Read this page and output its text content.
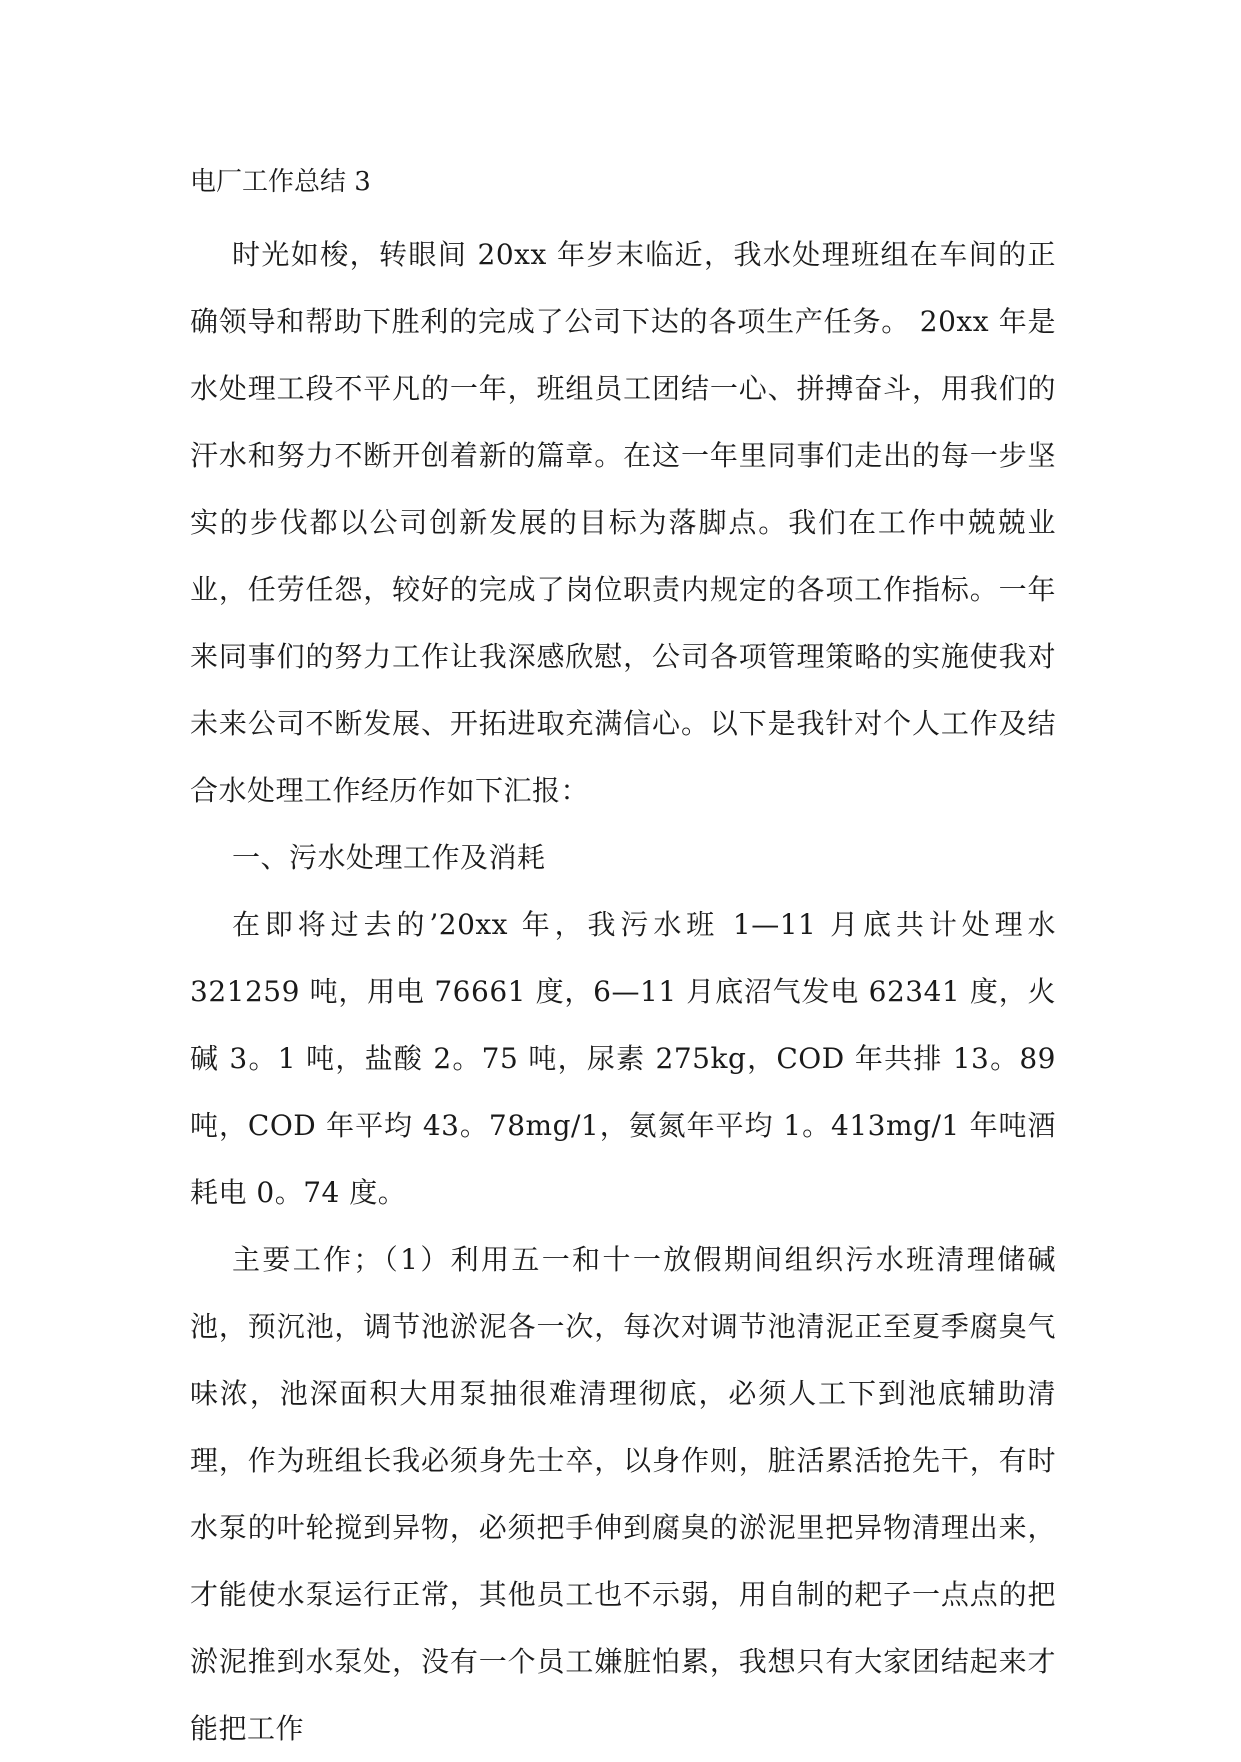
电厂工作总结 3

时光如梭，转眼间 20xx 年岁末临近，我水处理班组在车间的正确领导和帮助下胜利的完成了公司下达的各项生产任务。 20xx 年是水处理工段不平凡的一年，班组员工团结一心、拼搏奋斗，用我们的汗水和努力不断开创着新的篇章。在这一年里同事们走出的每一步坚实的步伐都以公司创新发展的目标为落脚点。我们在工作中兢兢业业，任劳任怨，较好的完成了岗位职责内规定的各项工作指标。一年来同事们的努力工作让我深感欣慰，公司各项管理策略的实施使我对未来公司不断发展、开拓进取充满信心。以下是我针对个人工作及结合水处理工作经历作如下汇报：

一、污水处理工作及消耗

在即将过去的’20xx 年，我污水班 1—11 月底共计处理水 321259 吨，用电 76661 度，6—11 月底沼气发电 62341 度，火碱 3。1 吨，盐酸 2。75 吨，尿素 275kg，COD 年共排 13。89 吨，COD 年平均 43。78mg/1，氨氮年平均 1。413mg/1 年吨酒耗电 0。74 度。

主要工作；（1）利用五一和十一放假期间组织污水班清理储碱池，预沉池，调节池淤泥各一次，每次对调节池清泥正至夏季腐臭气味浓，池深面积大用泵抽很难清理彻底，必须人工下到池底辅助清理，作为班组长我必须身先士卒，以身作则，脏活累活抢先干，有时水泵的叶轮搅到异物，必须把手伸到腐臭的淤泥里把异物清理出来，才能使水泵运行正常，其他员工也不示弱，用自制的耙子一点点的把淤泥推到水泵处，没有一个员工嫌脏怕累，我想只有大家团结起来才能把工作
